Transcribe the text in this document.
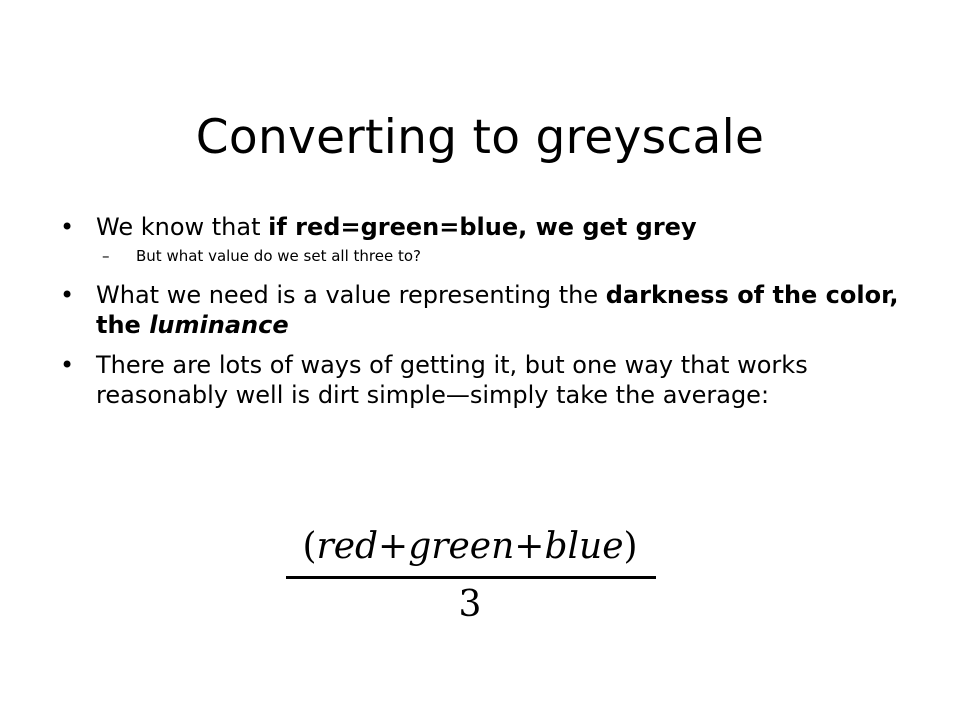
Converting to greyscale
• We know that if red=green=blue, we get grey
– But what value do we set all three to?
• What we need is a value representing the darkness of the color, the luminance
• There are lots of ways of getting it, but one way that works reasonably well is dirt simple—simply take the average:
(red+green+blue)
3
